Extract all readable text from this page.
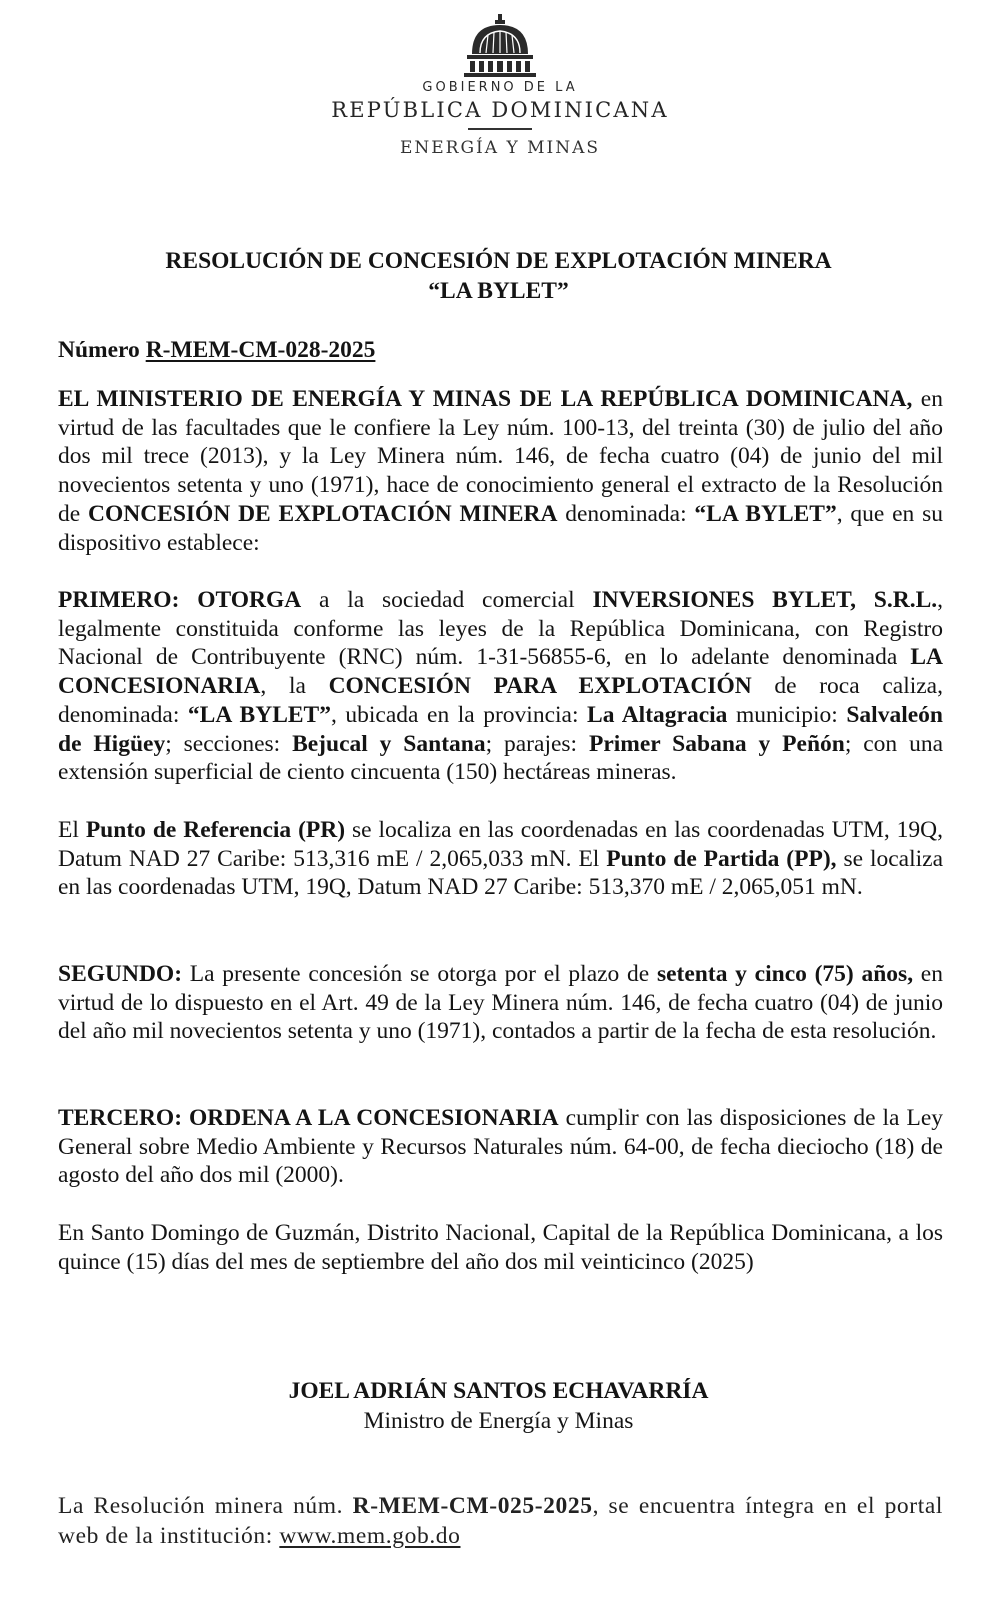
GOBIERNO DE LA
REPÚBLICA DOMINICANA
ENERGÍA Y MINAS
RESOLUCIÓN DE CONCESIÓN DE EXPLOTACIÓN MINERA
“LA BYLET”
Número R-MEM-CM-028-2025
EL MINISTERIO DE ENERGÍA Y MINAS DE LA REPÚBLICA DOMINICANA, en virtud de las facultades que le confiere la Ley núm. 100-13, del treinta (30) de julio del año dos mil trece (2013), y la Ley Minera núm. 146, de fecha cuatro (04) de junio del mil novecientos setenta y uno (1971), hace de conocimiento general el extracto de la Resolución de CONCESIÓN DE EXPLOTACIÓN MINERA denominada: “LA BYLET”, que en su dispositivo establece:
PRIMERO: OTORGA a la sociedad comercial INVERSIONES BYLET, S.R.L., legalmente constituida conforme las leyes de la República Dominicana, con Registro Nacional de Contribuyente (RNC) núm. 1-31-56855-6, en lo adelante denominada LA CONCESIONARIA, la CONCESIÓN PARA EXPLOTACIÓN de roca caliza, denominada: “LA BYLET”, ubicada en la provincia: La Altagracia municipio: Salvaleón de Higüey; secciones: Bejucal y Santana; parajes: Primer Sabana y Peñón; con una extensión superficial de ciento cincuenta (150) hectáreas mineras.
El Punto de Referencia (PR) se localiza en las coordenadas en las coordenadas UTM, 19Q, Datum NAD 27 Caribe: 513,316 mE / 2,065,033 mN. El Punto de Partida (PP), se localiza en las coordenadas UTM, 19Q, Datum NAD 27 Caribe: 513,370 mE / 2,065,051 mN.
SEGUNDO: La presente concesión se otorga por el plazo de setenta y cinco (75) años, en virtud de lo dispuesto en el Art. 49 de la Ley Minera núm. 146, de fecha cuatro (04) de junio del año mil novecientos setenta y uno (1971), contados a partir de la fecha de esta resolución.
TERCERO: ORDENA A LA CONCESIONARIA cumplir con las disposiciones de la Ley General sobre Medio Ambiente y Recursos Naturales núm. 64-00, de fecha dieciocho (18) de agosto del año dos mil (2000).
En Santo Domingo de Guzmán, Distrito Nacional, Capital de la República Dominicana, a los quince (15) días del mes de septiembre del año dos mil veinticinco (2025)
JOEL ADRIÁN SANTOS ECHAVARRÍA
Ministro de Energía y Minas
La Resolución minera núm. R-MEM-CM-025-2025, se encuentra íntegra en el portal web de la institución: www.mem.gob.do
